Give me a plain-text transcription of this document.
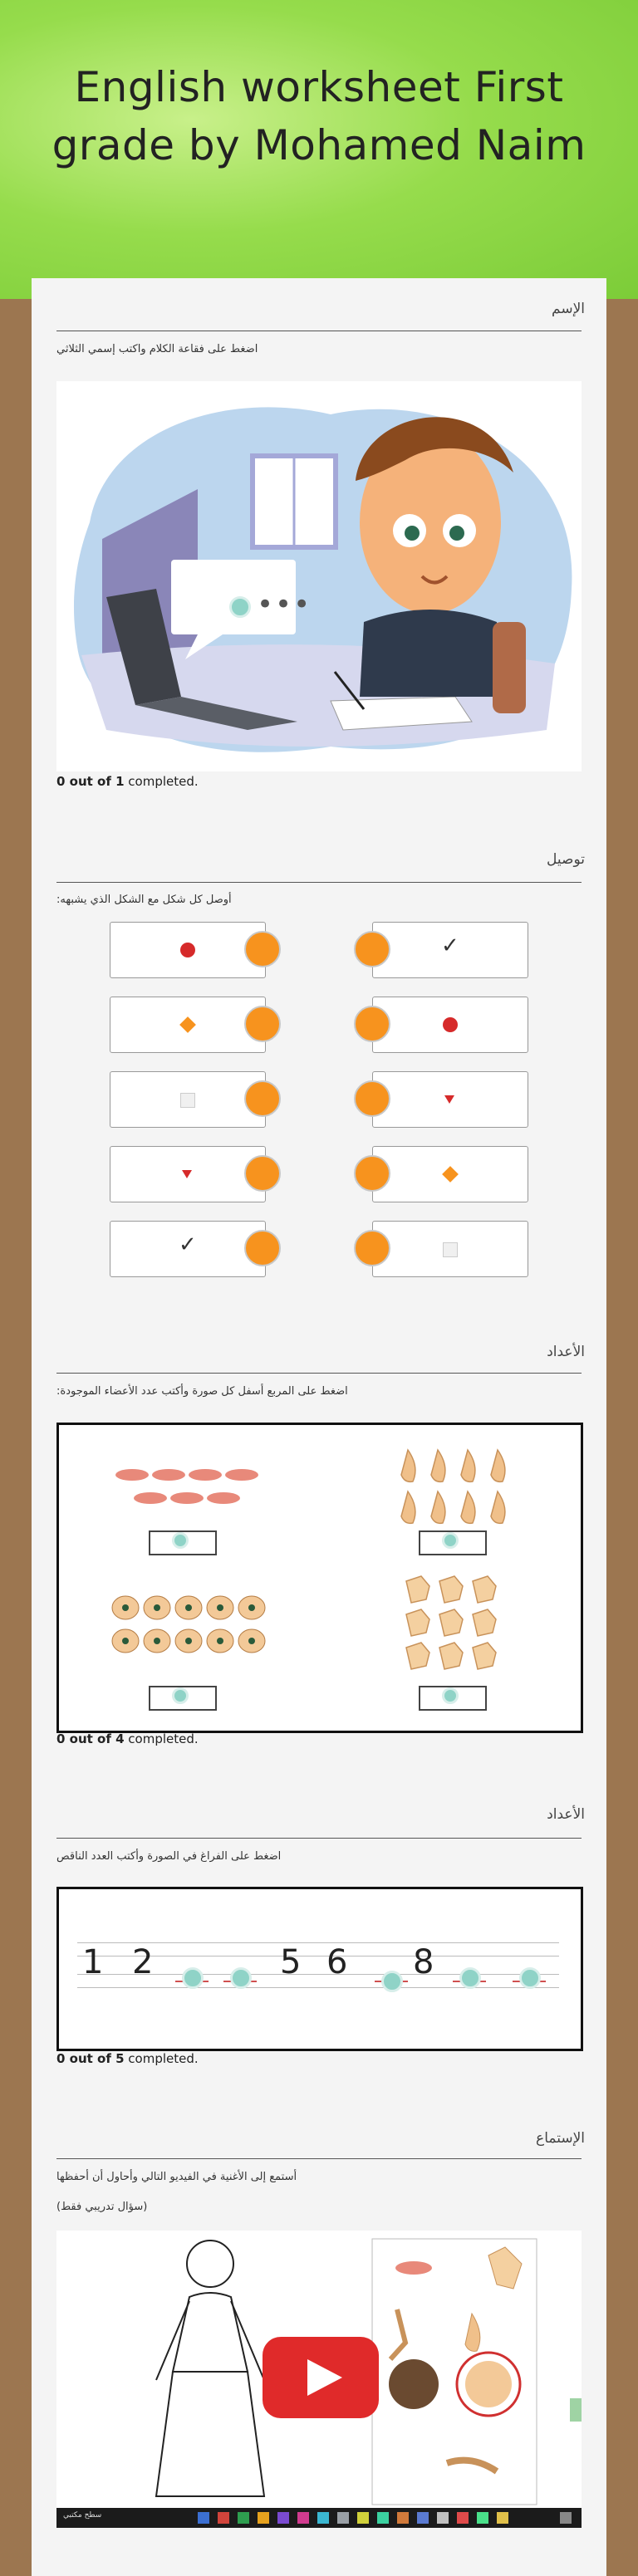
English worksheet First grade by Mohamed Naim
الإسم
اضغط على فقاعة الكلام واكتب إسمي الثلاثي
•••
0 out of 1 completed.
توصيل
أوصل كل شكل مع الشكل الذي يشبهه:
✓
✓
الأعداد
اضغط على المربع أسفل كل صورة وأكتب عدد الأعضاء الموجودة:
0 out of 4 completed.
الأعداد
اضغط على الفراغ في الصورة وأكتب العدد الناقص
1 2	5 6 8
0 out of 5 completed.
الإستماع
أستمع إلى الأغنية في الفيديو التالي وأحاول أن أحفظها
(سؤال تدريبي فقط)
سطح مكتبي
